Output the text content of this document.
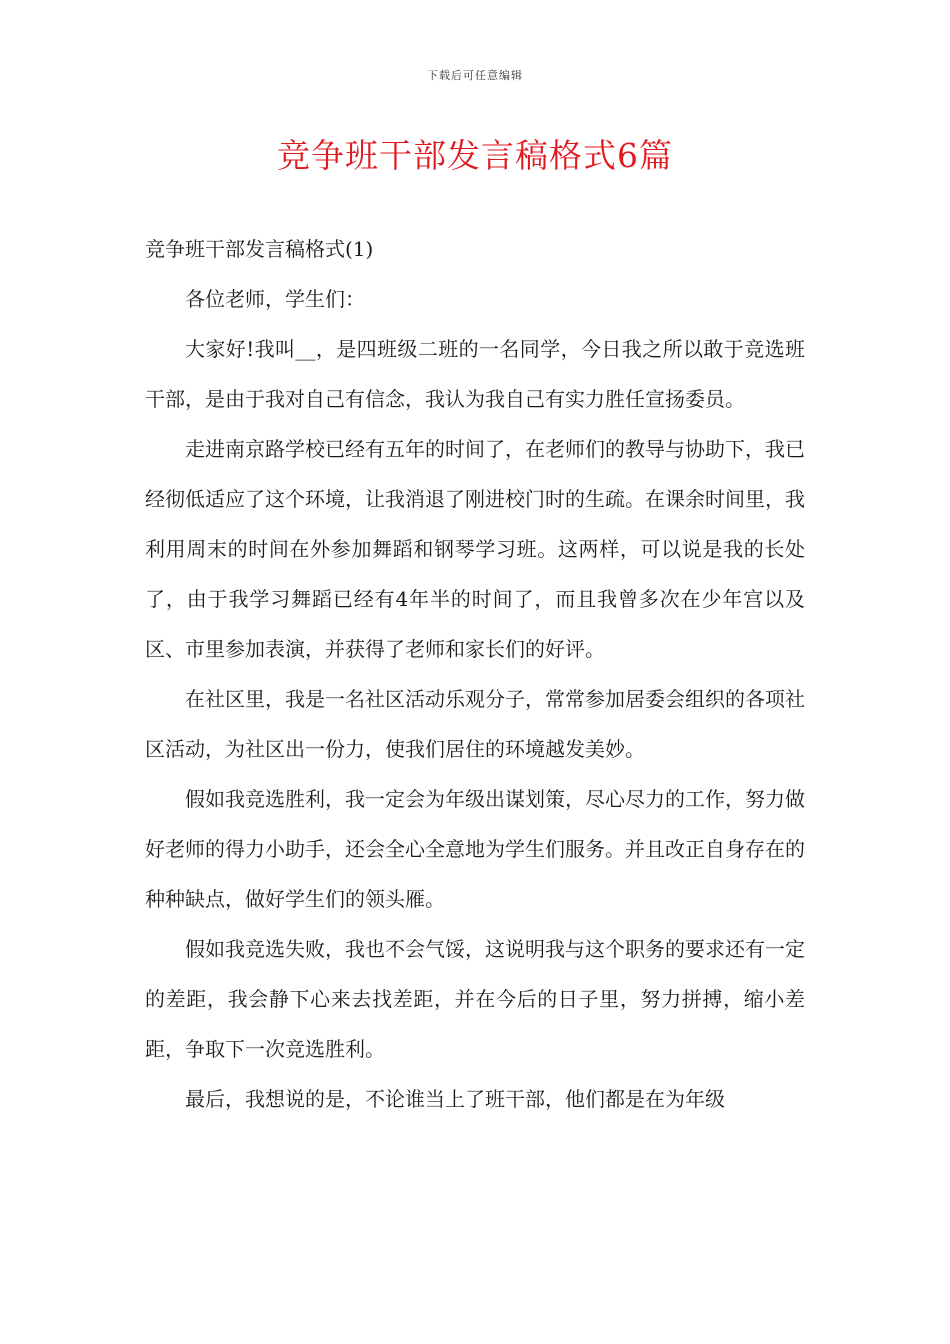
下载后可任意编辑
竞争班干部发言稿格式6篇

竞争班干部发言稿格式(1)

各位老师，学生们：

大家好!我叫__，是四班级二班的一名同学，今日我之所以敢于竞选班干部，是由于我对自己有信念，我认为我自己有实力胜任宣扬委员。

走进南京路学校已经有五年的时间了，在老师们的教导与协助下，我已经彻低适应了这个环境，让我消退了刚进校门时的生疏。在课余时间里，我利用周末的时间在外参加舞蹈和钢琴学习班。这两样，可以说是我的长处了，由于我学习舞蹈已经有4年半的时间了，而且我曾多次在少年宫以及区、市里参加表演，并获得了老师和家长们的好评。

在社区里，我是一名社区活动乐观分子，常常参加居委会组织的各项社区活动，为社区出一份力，使我们居住的环境越发美妙。

假如我竞选胜利，我一定会为年级出谋划策，尽心尽力的工作，努力做好老师的得力小助手，还会全心全意地为学生们服务。并且改正自身存在的种种缺点，做好学生们的领头雁。

假如我竞选失败，我也不会气馁，这说明我与这个职务的要求还有一定的差距，我会静下心来去找差距，并在今后的日子里，努力拼搏，缩小差距，争取下一次竞选胜利。

最后，我想说的是，不论谁当上了班干部，他们都是在为年级
